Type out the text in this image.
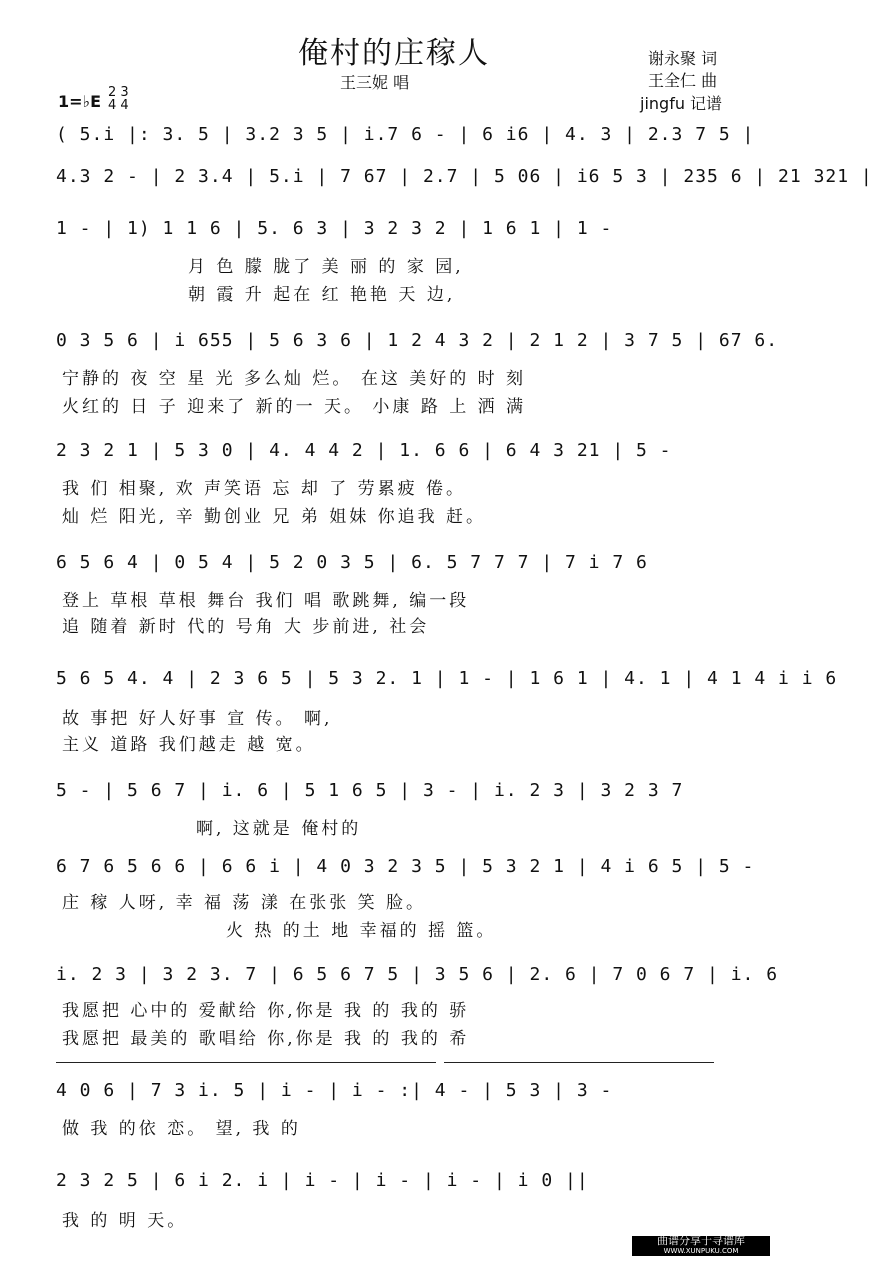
俺村的庄稼人
王三妮 唱
谢永聚 词
王全仁 曲
jingfu 记谱
1=♭E 2 3
4 4
( 5.i |: 3. 5 | 3.2 3 5 | i.7 6 - | 6 i6 | 4. 3 | 2.3 7 5 |
4.3 2 - | 2 3.4 | 5.i | 7 67 | 2.7 | 5 06 | i6 5 3 | 235 6 | 21 321 |
1 - | 1) 1 1 6 | 5. 6 3 | 3 2 3 2 | 1 6 1 | 1 -
月 色 朦 胧了 美 丽 的 家 园,
朝 霞 升 起在 红 艳艳 天 边,
0 3 5 6 | i 655 | 5 6 3 6 | 1 2 4 3 2 | 2 1 2 | 3 7 5 | 67 6.
宁静的 夜 空 星 光 多么灿 烂。 在这 美好的 时 刻
火红的 日 子 迎来了 新的一 天。 小康 路 上 洒 满
2 3 2 1 | 5 3 0 | 4. 4 4 2 | 1. 6 6 | 6 4 3 21 | 5 -
我 们 相聚, 欢 声笑语 忘 却 了 劳累疲 倦。
灿 烂 阳光, 辛 勤创业 兄 弟 姐妹 你追我 赶。
6 5 6 4 | 0 5 4 | 5 2 0 3 5 | 6. 5 7 7 7 | 7 i 7 6
登上 草根 草根 舞台 我们 唱 歌跳舞, 编一段
追 随着 新时 代的 号角 大 步前进, 社会
5 6 5 4. 4 | 2 3 6 5 | 5 3 2. 1 | 1 - | 1 6 1 | 4. 1 | 4 1 4 i i 6
故 事把 好人好事 宣 传。 啊,
主义 道路 我们越走 越 宽。
5 - | 5 6 7 | i. 6 | 5 1 6 5 | 3 - | i. 2 3 | 3 2 3 7
啊, 这就是 俺村的
6 7 6 5 6 6 | 6 6 i | 4 0 3 2 3 5 | 5 3 2 1 | 4 i 6 5 | 5 -
庄 稼 人呀, 幸 福 荡 漾 在张张 笑 脸。
火 热 的土 地 幸福的 摇 篮。
i. 2 3 | 3 2 3. 7 | 6 5 6 7 5 | 3 5 6 | 2. 6 | 7 0 6 7 | i. 6
我愿把 心中的 爱献给 你,你是 我 的 我的 骄
我愿把 最美的 歌唱给 你,你是 我 的 我的 希
4 0 6 | 7 3 i. 5 | i - | i - :| 4 - | 5 3 | 3 -
做 我 的依 恋。 望, 我 的
2 3 2 5 | 6 i 2. i | i - | i - | i - | i 0 ||
我 的 明 天。
曲谱分享于寻谱库
WWW.XUNPUKU.COM
